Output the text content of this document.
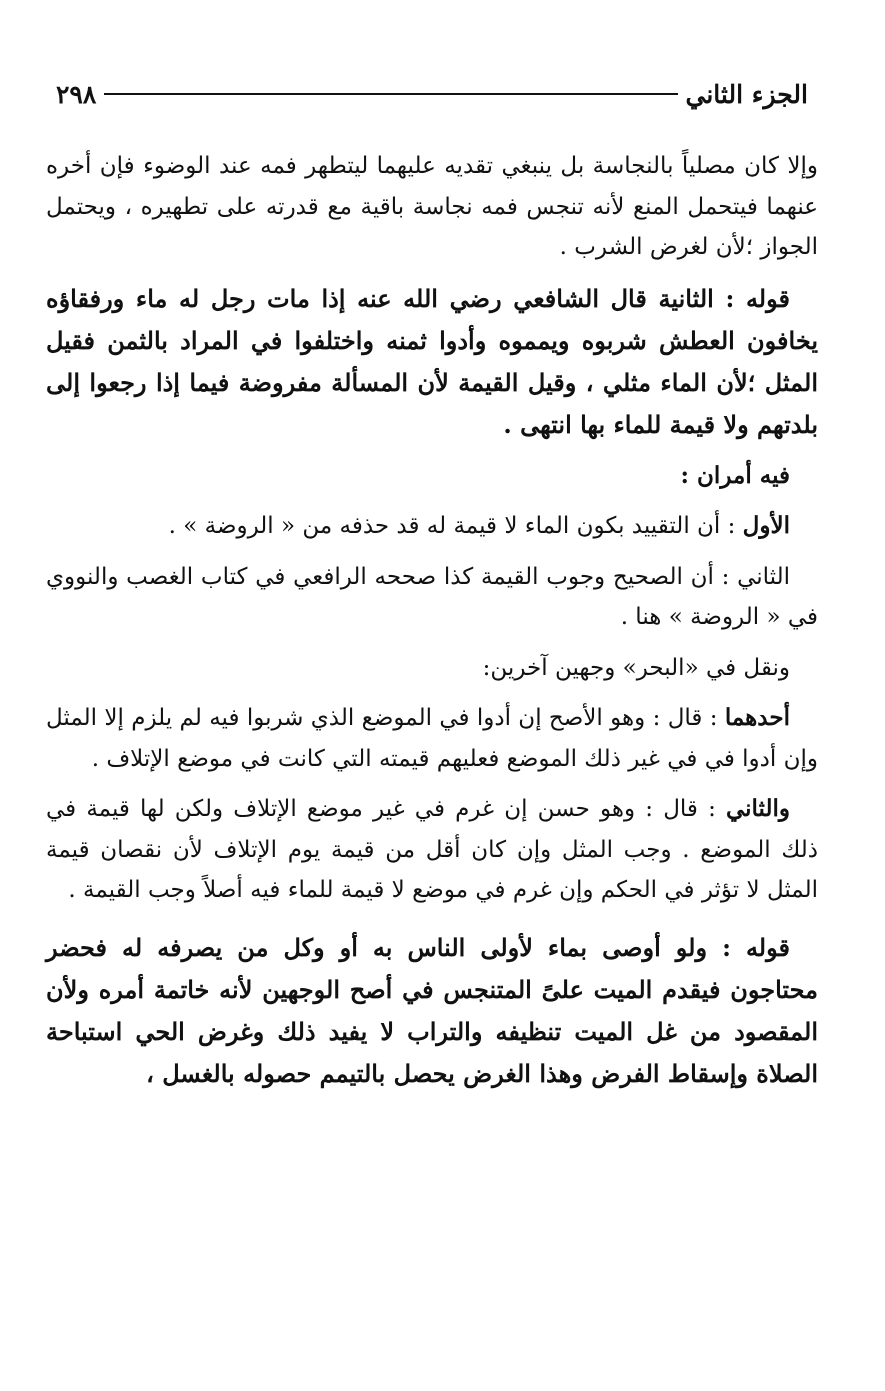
الجزء الثاني
٢٩٨

وإلا كان مصلياً بالنجاسة بل ينبغي تقديه عليهما ليتطهر فمه عند الوضوء فإن أخره عنهما فيتحمل المنع لأنه تنجس فمه نجاسة باقية مع قدرته على تطهيره ، ويحتمل الجواز ؛لأن لغرض الشرب .

قوله : الثانية قال الشافعي رضي الله عنه إذا مات رجل له ماء ورفقاؤه يخافون العطش شربوه ويمموه وأدوا ثمنه واختلفوا في المراد بالثمن فقيل المثل ؛لأن الماء مثلي ، وقيل القيمة لأن المسألة مفروضة فيما إذا رجعوا إلى بلدتهم ولا قيمة للماء بها انتهى .

فيه أمران :

الأول : أن التقييد بكون الماء لا قيمة له قد حذفه من « الروضة » .

الثاني : أن الصحيح وجوب القيمة كذا صححه الرافعي في كتاب الغصب والنووي في « الروضة » هنا .

ونقل في «البحر» وجهين آخرين:

أحدهما : قال : وهو الأصح إن أدوا في الموضع الذي شربوا فيه لم يلزم إلا المثل وإن أدوا في في غير ذلك الموضع فعليهم قيمته التي كانت في موضع الإتلاف .

والثاني : قال : وهو حسن إن غرم في غير موضع الإتلاف ولكن لها قيمة في ذلك الموضع . وجب المثل وإن كان أقل من قيمة يوم الإتلاف لأن نقصان قيمة المثل لا تؤثر في الحكم وإن غرم في موضع لا قيمة للماء فيه أصلاً وجب القيمة .

قوله : ولو أوصى بماء لأولى الناس به أو وكل من يصرفه له فحضر محتاجون فيقدم الميت علىً المتنجس في أصح الوجهين لأنه خاتمة أمره ولأن المقصود من غل الميت تنظيفه والتراب لا يفيد ذلك وغرض الحي استباحة الصلاة وإسقاط الفرض وهذا الغرض يحصل بالتيمم حصوله بالغسل ،
